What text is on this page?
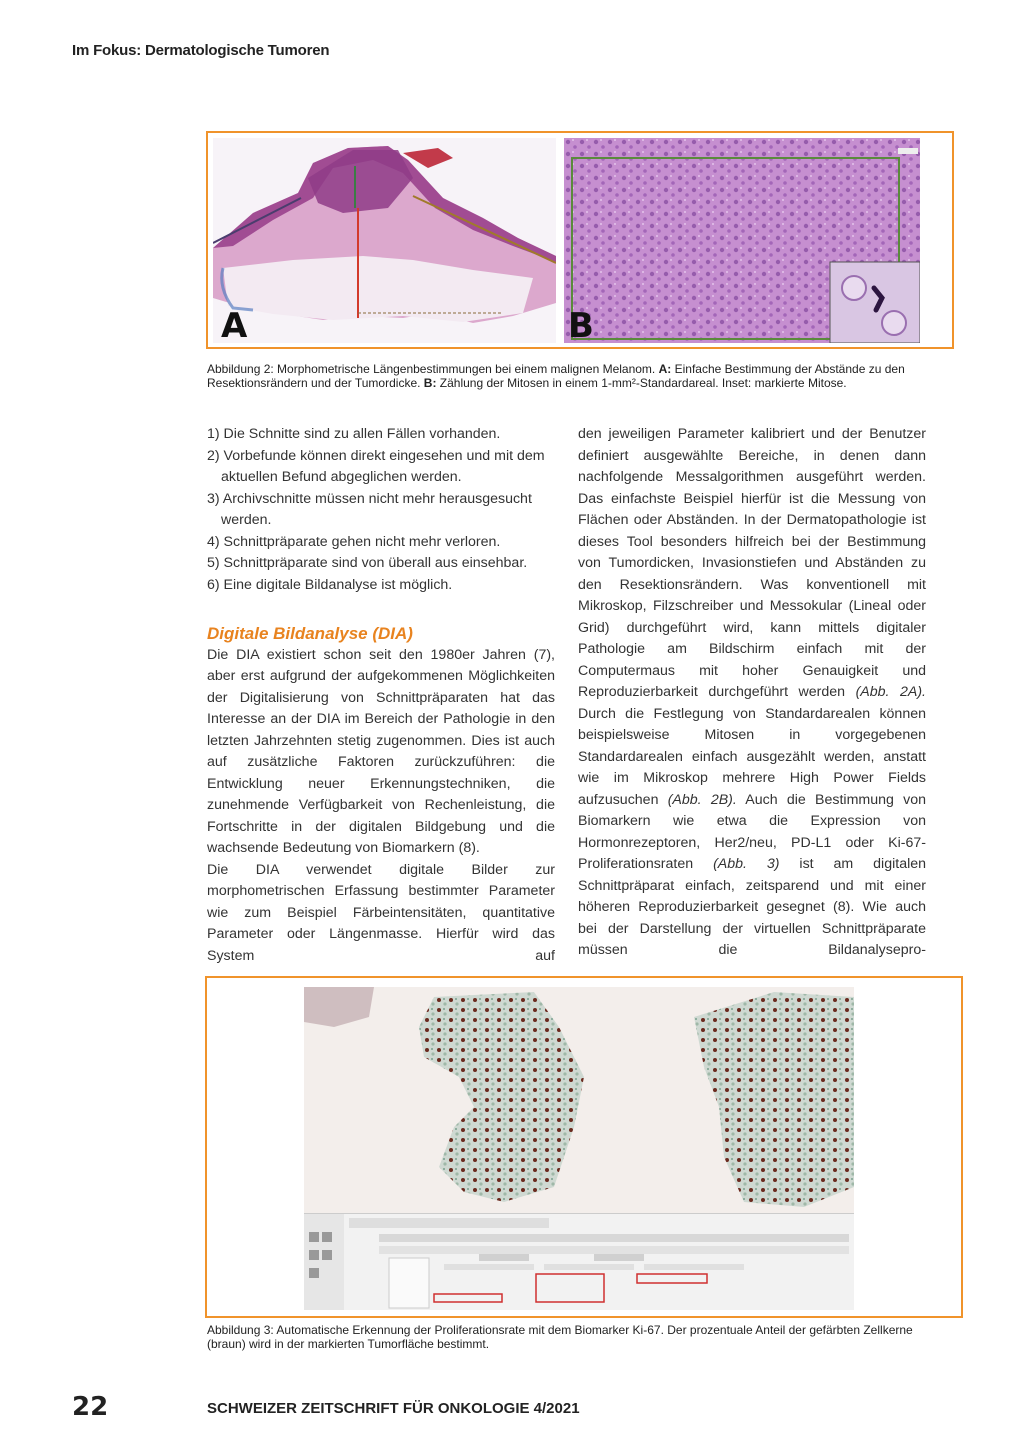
Im Fokus: Dermatologische Tumoren
A	B
Abbildung 2: Morphometrische Längenbestimmungen bei einem malignen Melanom. A: Einfache Bestimmung der Abstände zu den Resektionsrändern und der Tumordicke. B: Zählung der Mitosen in einem 1-mm²-Standardareal. Inset: markierte Mitose.
1) Die Schnitte sind zu allen Fällen vorhanden.
2) Vorbefunde können direkt eingesehen und mit dem aktuellen Befund abgeglichen werden.
3) Archivschnitte müssen nicht mehr herausgesucht werden.
4) Schnittpräparate gehen nicht mehr verloren.
5) Schnittpräparate sind von überall aus einsehbar.
6) Eine digitale Bildanalyse ist möglich.
Digitale Bildanalyse (DIA)

Die DIA existiert schon seit den 1980er Jahren (7), aber erst aufgrund der aufgekommenen Möglichkeiten der Digitalisierung von Schnittpräparaten hat das Interesse an der DIA im Bereich der Pathologie in den letzten Jahrzehnten stetig zugenommen. Dies ist auch auf zusätzliche Faktoren zurückzuführen: die Entwicklung neuer Erkennungstechniken, die zunehmende Verfügbarkeit von Rechenleistung, die Fortschritte in der digitalen Bildgebung und die wachsende Bedeutung von Biomarkern (8).

Die DIA verwendet digitale Bilder zur morphometrischen Erfassung bestimmter Parameter wie zum Beispiel Färbeintensitäten, quantitative Parameter oder Längenmasse. Hierfür wird das System auf

den jeweiligen Parameter kalibriert und der Benutzer definiert ausgewählte Bereiche, in denen dann nachfolgende Messalgorithmen ausgeführt werden. Das einfachste Beispiel hierfür ist die Messung von Flächen oder Abständen. In der Dermatopathologie ist dieses Tool besonders hilfreich bei der Bestimmung von Tumordicken, Invasionstiefen und Abständen zu den Resektionsrändern. Was konventionell mit Mikroskop, Filzschreiber und Messokular (Lineal oder Grid) durchgeführt wird, kann mittels digitaler Pathologie am Bildschirm einfach mit der Computermaus mit hoher Genauigkeit und Reproduzierbarkeit durchgeführt werden (Abb. 2A). Durch die Festlegung von Standardarealen können beispielsweise Mitosen in vorgegebenen Standardarealen einfach ausgezählt werden, anstatt wie im Mikroskop mehrere High Power Fields aufzusuchen (Abb. 2B). Auch die Bestimmung von Biomarkern wie etwa die Expression von Hormonrezeptoren, Her2/neu, PD-L1 oder Ki-67-Proliferationsraten (Abb. 3) ist am digitalen Schnittpräparat einfach, zeitsparend und mit einer höheren Reproduzierbarkeit gesegnet (8). Wie auch bei der Darstellung der virtuellen Schnittpräparate müssen die Bildanalysepro-

Abbildung 3: Automatische Erkennung der Proliferationsrate mit dem Biomarker Ki-67. Der prozentuale Anteil der gefärbten Zellkerne (braun) wird in der markierten Tumorfläche bestimmt.
22	SCHWEIZER ZEITSCHRIFT FÜR ONKOLOGIE 4/2021
